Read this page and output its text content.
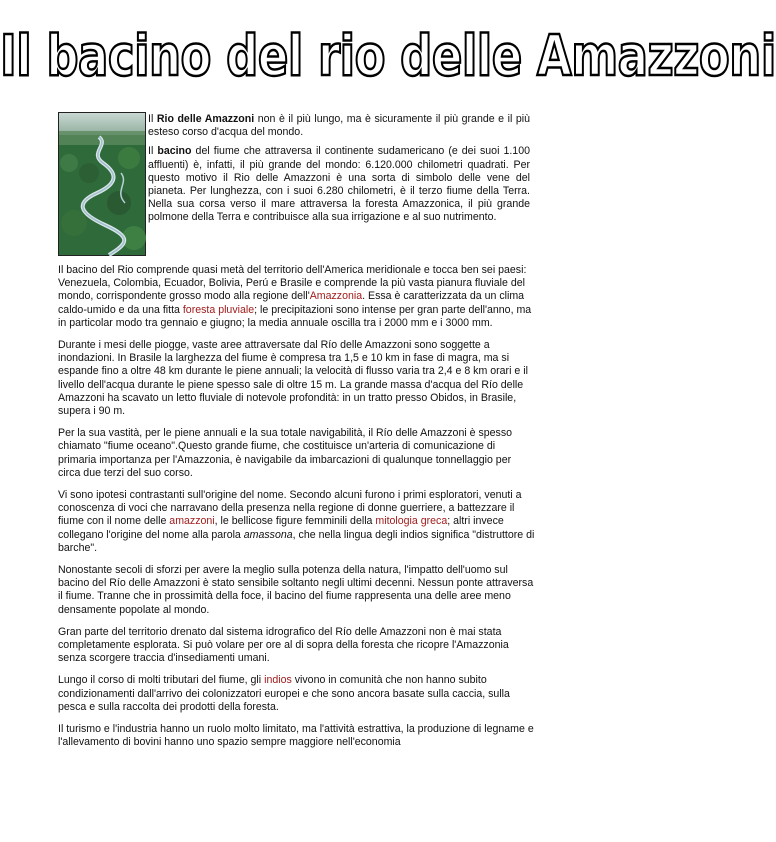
Il bacino del rio delle Amazzoni

Il Rio delle Amazzoni non è il più lungo, ma è sicuramente il più grande e il più esteso corso d'acqua del mondo.

Il bacino del fiume che attraversa il continente sudamericano (e dei suoi 1.100 affluenti) è, infatti, il più grande del mondo: 6.120.000 chilometri quadrati. Per questo motivo il Rio delle Amazzoni è una sorta di simbolo delle vene del pianeta. Per lunghezza, con i suoi 6.280 chilometri, è il terzo fiume della Terra. Nella sua corsa verso il mare attraversa la foresta Amazzonica, il più grande polmone della Terra e contribuisce alla sua irrigazione e al suo nutrimento.

Il bacino del Rio comprende quasi metà del territorio dell'America meridionale e tocca ben sei paesi: Venezuela, Colombia, Ecuador, Bolivia, Perú e Brasile e comprende la più vasta pianura fluviale del mondo, corrispondente grosso modo alla regione dell'Amazzonia. Essa è caratterizzata da un clima caldo-umido e da una fitta foresta pluviale; le precipitazioni sono intense per gran parte dell'anno, ma in particolar modo tra gennaio e giugno; la media annuale oscilla tra i 2000 mm e i 3000 mm.

Durante i mesi delle piogge, vaste aree attraversate dal Río delle Amazzoni sono soggette a inondazioni. In Brasile la larghezza del fiume è compresa tra 1,5 e 10 km in fase di magra, ma si espande fino a oltre 48 km durante le piene annuali; la velocità di flusso varia tra 2,4 e 8 km orari e il livello dell'acqua durante le piene spesso sale di oltre 15 m. La grande massa d'acqua del Río delle Amazzoni ha scavato un letto fluviale di notevole profondità: in un tratto presso Obidos, in Brasile, supera i 90 m.

Per la sua vastità, per le piene annuali e la sua totale navigabilità, il Río delle Amazzoni è spesso chiamato "fiume oceano".Questo grande fiume, che costituisce un'arteria di comunicazione di primaria importanza per l'Amazzonia, è navigabile da imbarcazioni di qualunque tonnellaggio per circa due terzi del suo corso.

Vi sono ipotesi contrastanti sull'origine del nome. Secondo alcuni furono i primi esploratori, venuti a conoscenza di voci che narravano della presenza nella regione di donne guerriere, a battezzare il fiume con il nome delle amazzoni, le bellicose figure femminili della mitologia greca; altri invece collegano l'origine del nome alla parola amassona, che nella lingua degli indios significa "distruttore di barche".

Nonostante secoli di sforzi per avere la meglio sulla potenza della natura, l'impatto dell'uomo sul bacino del Río delle Amazzoni è stato sensibile soltanto negli ultimi decenni. Nessun ponte attraversa il fiume. Tranne che in prossimità della foce, il bacino del fiume rappresenta una delle aree meno densamente popolate al mondo.

Gran parte del territorio drenato dal sistema idrografico del Río delle Amazzoni non è mai stata completamente esplorata. Si può volare per ore al di sopra della foresta che ricopre l'Amazzonia senza scorgere traccia d'insediamenti umani.

Lungo il corso di molti tributari del fiume, gli indios vivono in comunità che non hanno subito condizionamenti dall'arrivo dei colonizzatori europei e che sono ancora basate sulla caccia, sulla pesca e sulla raccolta dei prodotti della foresta.

Il turismo e l'industria hanno un ruolo molto limitato, ma l'attività estrattiva, la produzione di legname e l'allevamento di bovini hanno uno spazio sempre maggiore nell'economia
